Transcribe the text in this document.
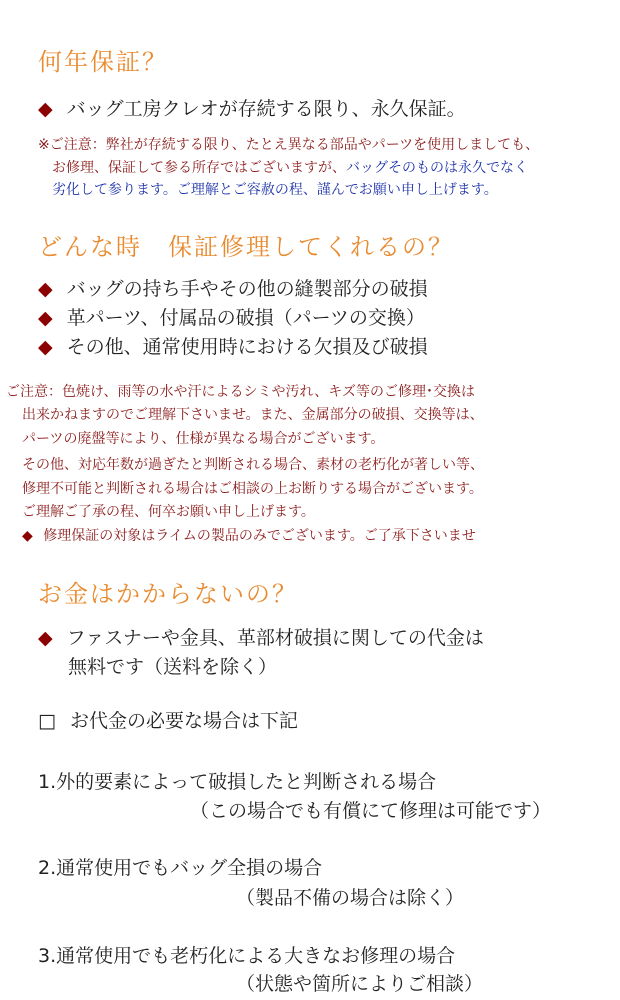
何年保証？
◆ バッグ工房クレオが存続する限り、永久保証。
※ご注意：弊社が存続する限り、たとえ異なる部品やパーツを使用しましても、
お修理、保証して参る所存ではございますが、バッグそのものは永久でなく
劣化して参ります。ご理解とご容赦の程、謹んでお願い申し上げます。
どんな時　保証修理してくれるの？
◆ バッグの持ち手やその他の縫製部分の破損
◆ 革パーツ、付属品の破損（パーツの交換）
◆ その他、通常使用時における欠損及び破損
ご注意：色焼け、雨等の水や汗によるシミや汚れ、キズ等のご修理･交換は
出来かねますのでご理解下さいませ。また、金属部分の破損、交換等は、
パーツの廃盤等により、仕様が異なる場合がございます。
その他、対応年数が過ぎたと判断される場合、素材の老朽化が著しい等、
修理不可能と判断される場合はご相談の上お断りする場合がございます。
ご理解ご了承の程、何卒お願い申し上げます。
◆ 修理保証の対象はライムの製品のみでございます。ご了承下さいませ
お金はかからないの？
◆ ファスナーや金具、革部材破損に関しての代金は
無料です（送料を除く）
□ お代金の必要な場合は下記
1.外的要素によって破損したと判断される場合
（この場合でも有償にて修理は可能です）
2.通常使用でもバッグ全損の場合
（製品不備の場合は除く）
3.通常使用でも老朽化による大きなお修理の場合
（状態や箇所によりご相談）
